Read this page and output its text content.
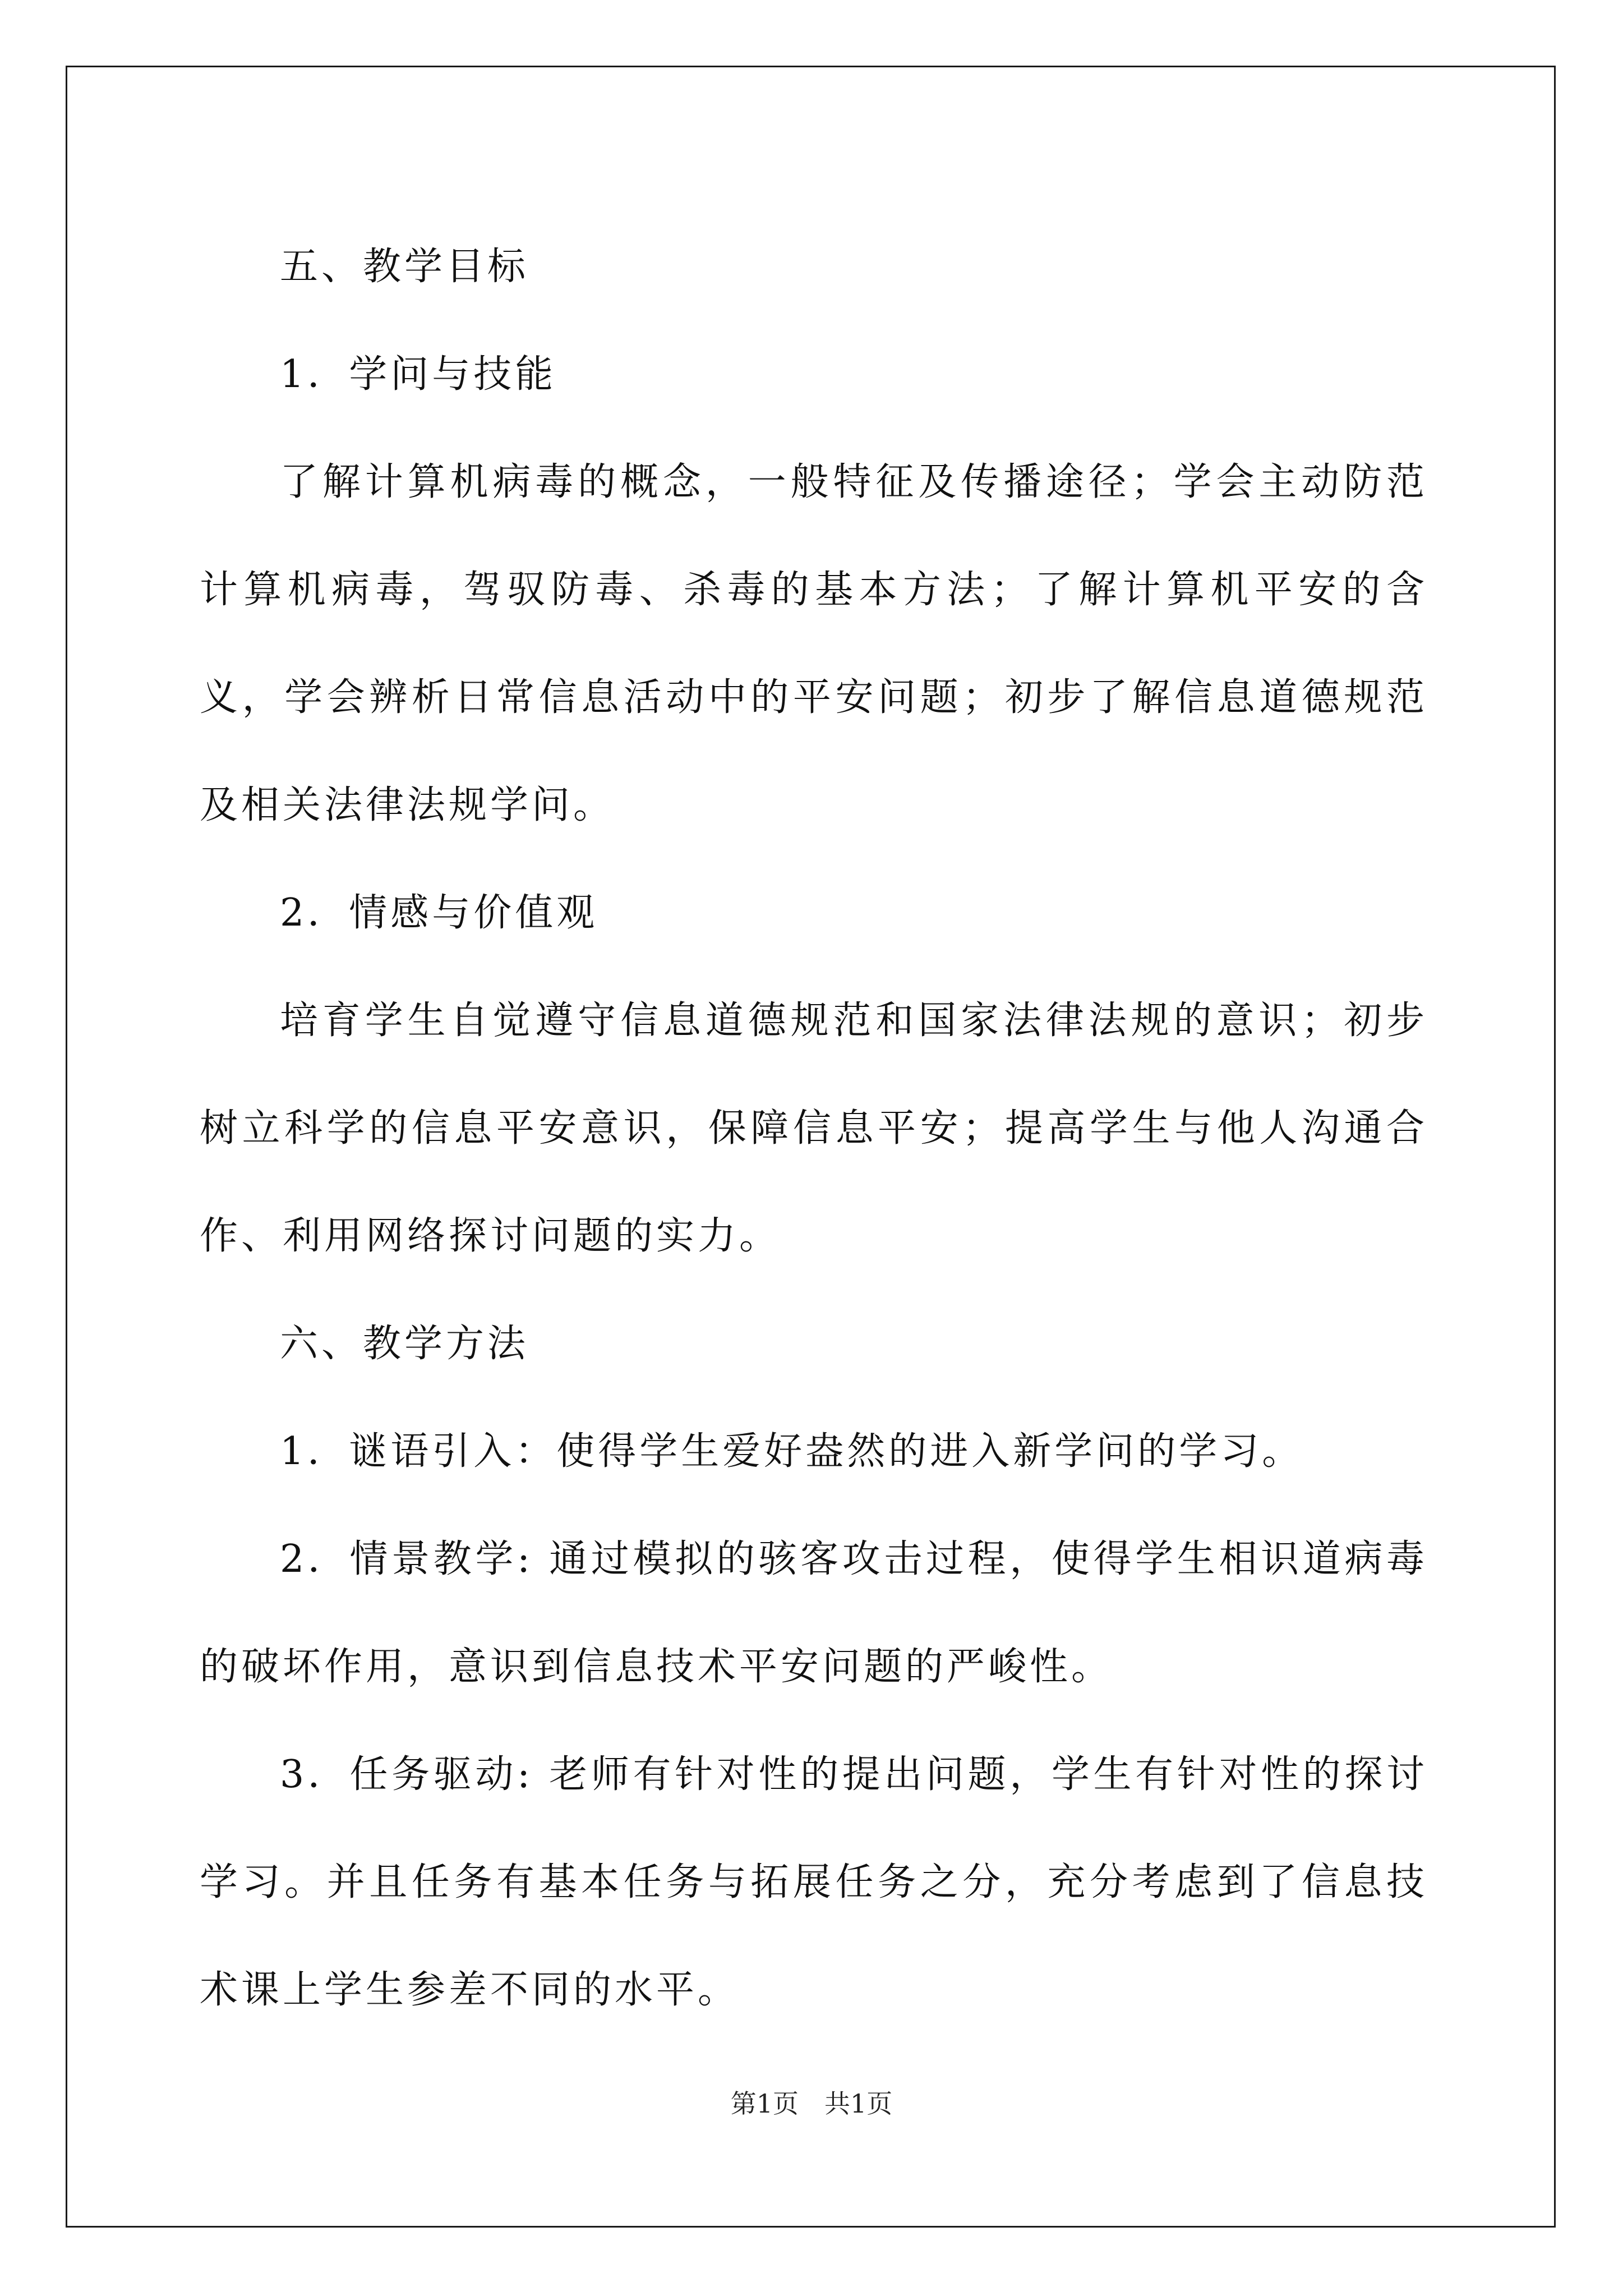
五、教学目标

1．学问与技能

了解计算机病毒的概念，一般特征及传播途径；学会主动防范计算机病毒，驾驭防毒、杀毒的基本方法；了解计算机平安的含义，学会辨析日常信息活动中的平安问题；初步了解信息道德规范及相关法律法规学问。

2．情感与价值观

培育学生自觉遵守信息道德规范和国家法律法规的意识；初步树立科学的信息平安意识，保障信息平安；提高学生与他人沟通合作、利用网络探讨问题的实力。

六、教学方法

1．谜语引入：使得学生爱好盎然的进入新学问的学习。

2．情景教学: 通过模拟的骇客攻击过程，使得学生相识道病毒的破坏作用，意识到信息技术平安问题的严峻性。

3．任务驱动: 老师有针对性的提出问题，学生有针对性的探讨学习。并且任务有基本任务与拓展任务之分，充分考虑到了信息技术课上学生参差不同的水平。

第1页　共1页
